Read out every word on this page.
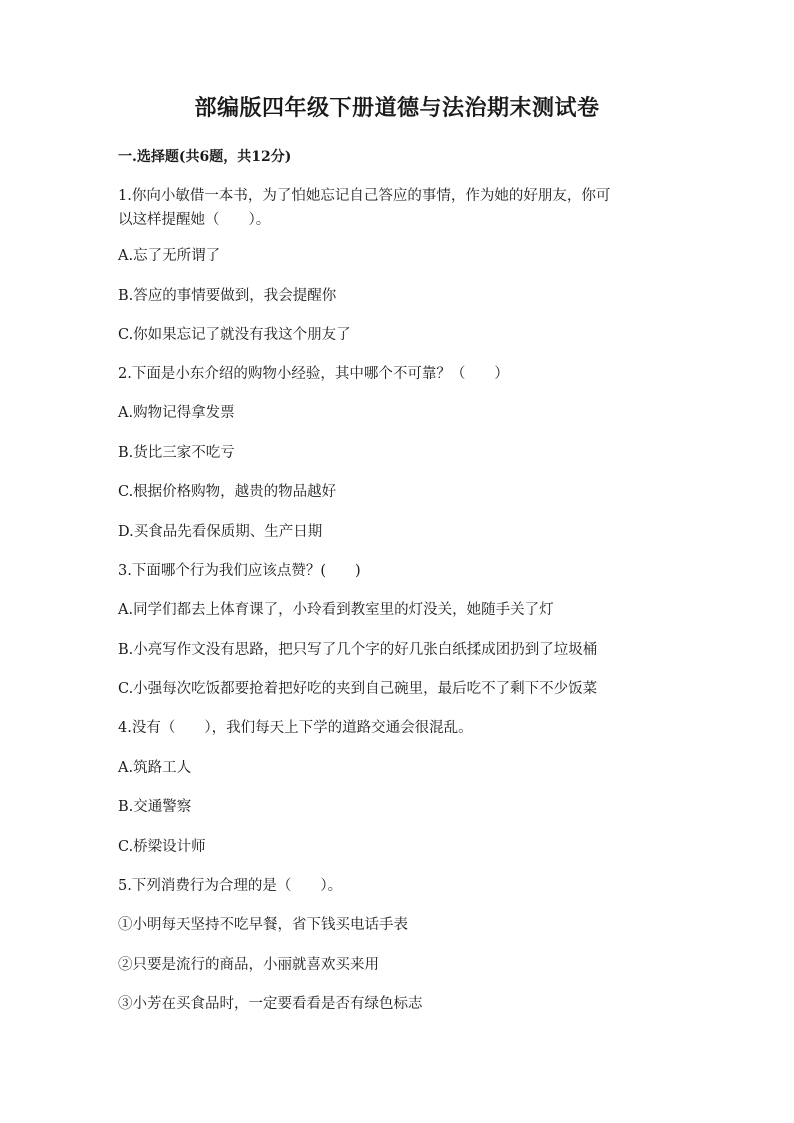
部编版四年级下册道德与法治期末测试卷
一.选择题(共6题，共12分)
1.你向小敏借一本书，为了怕她忘记自己答应的事情，作为她的好朋友，你可
以这样提醒她（　　）。
A.忘了无所谓了
B.答应的事情要做到，我会提醒你
C.你如果忘记了就没有我这个朋友了
2.下面是小东介绍的购物小经验，其中哪个不可靠？（　　）
A.购物记得拿发票
B.货比三家不吃亏
C.根据价格购物，越贵的物品越好
D.买食品先看保质期、生产日期
3.下面哪个行为我们应该点赞？(　　)
A.同学们都去上体育课了，小玲看到教室里的灯没关，她随手关了灯
B.小亮写作文没有思路，把只写了几个字的好几张白纸揉成团扔到了垃圾桶
C.小强每次吃饭都要抢着把好吃的夹到自己碗里，最后吃不了剩下不少饭菜
4.没有（　　），我们每天上下学的道路交通会很混乱。
A.筑路工人
B.交通警察
C.桥梁设计师
5.下列消费行为合理的是（　　）。
①小明每天坚持不吃早餐，省下钱买电话手表
②只要是流行的商品，小丽就喜欢买来用
③小芳在买食品时，一定要看看是否有绿色标志
